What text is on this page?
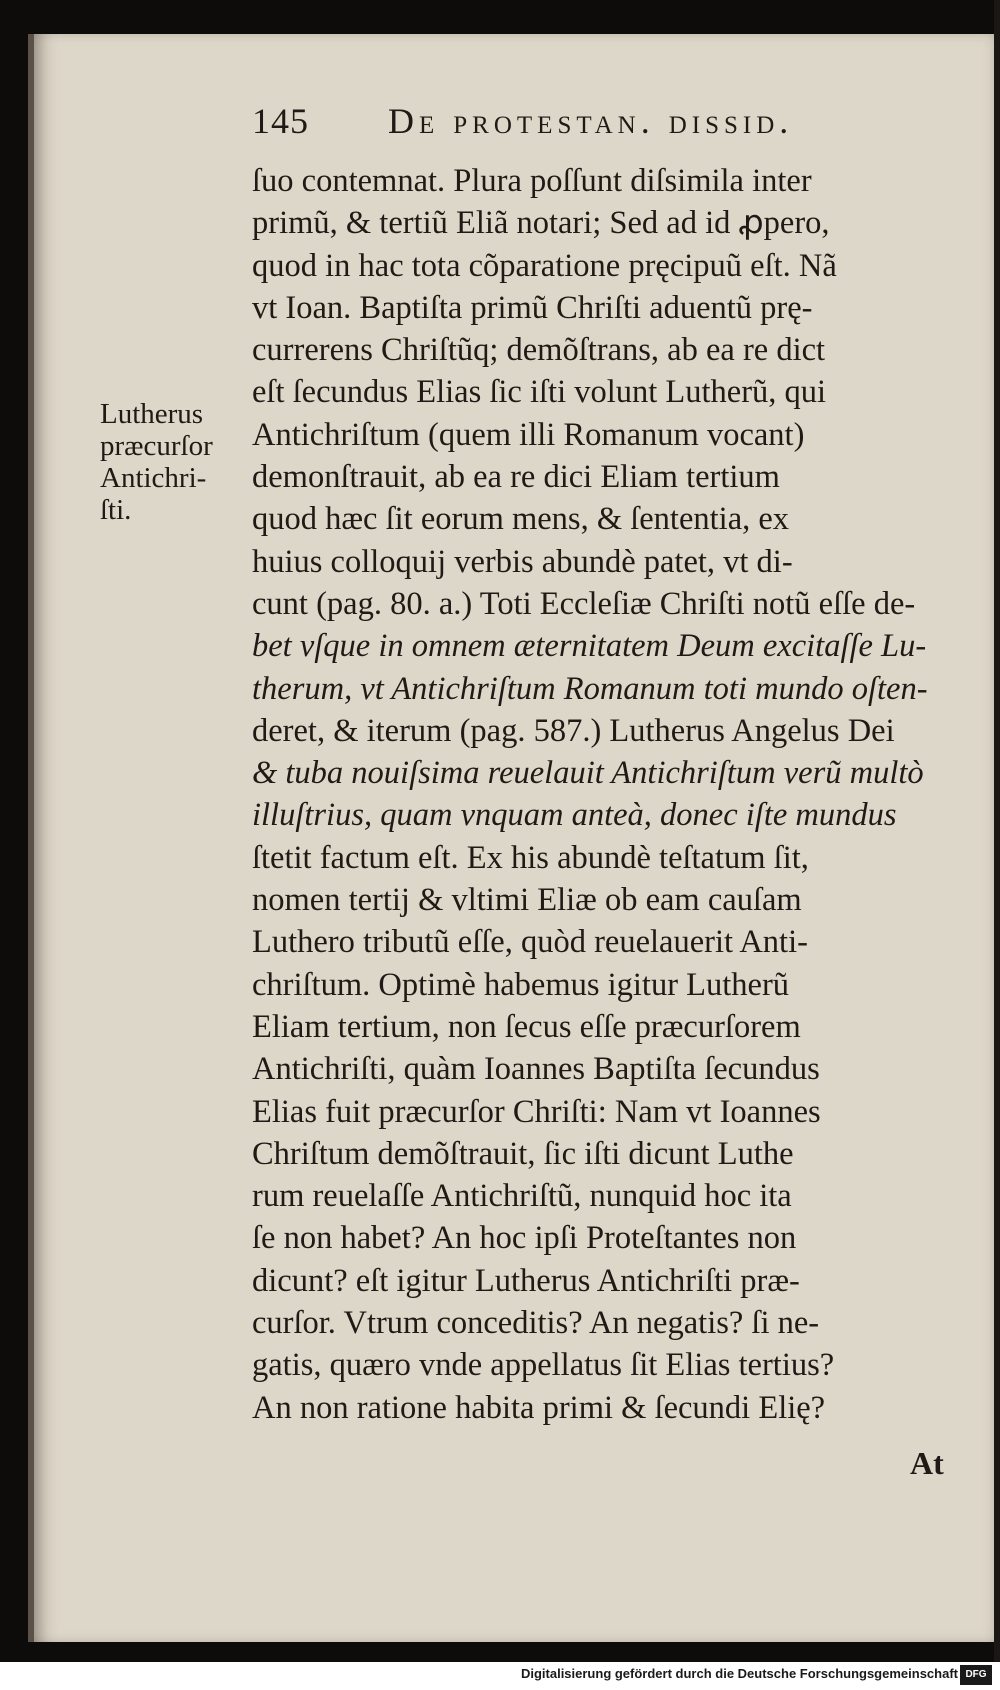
145 De protestan. dissid.
Lutherus
præcurſor
Antichri-
ſti.
ſuo contemnat. Plura poſſunt diſsimila inter
primũ, & tertiũ Eliã notari; Sed ad id ꝓpero,
quod in hac tota cõparatione pręcipuũ eſt. Nã
vt Ioan. Baptiſta primũ Chriſti aduentũ prę-
currerens Chriſtũq; demõſtrans, ab ea re dict
eſt ſecundus Elias ſic iſti volunt Lutherũ, qui
Antichriſtum (quem illi Romanum vocant)
demonſtrauit, ab ea re dici Eliam tertium
quod hæc ſit eorum mens, & ſententia, ex
huius colloquij verbis abundè patet, vt di-
cunt (pag. 80. a.) Toti Eccleſiæ Chriſti notũ eſſe de-
bet vſque in omnem æternitatem Deum excitaſſe Lu-
therum, vt Antichriſtum Romanum toti mundo oſten-
deret, & iterum (pag. 587.) Lutherus Angelus Dei
& tuba nouiſsima reuelauit Antichriſtum verũ multò
illuſtrius, quam vnquam anteà, donec iſte mundus
ſtetit factum eſt. Ex his abundè teſtatum ſit,
nomen tertij & vltimi Eliæ ob eam cauſam
Luthero tributũ eſſe, quòd reuelauerit Anti-
chriſtum. Optimè habemus igitur Lutherũ
Eliam tertium, non ſecus eſſe præcurſorem
Antichriſti, quàm Ioannes Baptiſta ſecundus
Elias fuit præcurſor Chriſti: Nam vt Ioannes
Chriſtum demõſtrauit, ſic iſti dicunt Luthe
rum reuelaſſe Antichriſtũ, nunquid hoc ita
ſe non habet? An hoc ipſi Proteſtantes non
dicunt? eſt igitur Lutherus Antichriſti præ-
curſor. Vtrum conceditis? An negatis? ſi ne-
gatis, quæro vnde appellatus ſit Elias tertius?
An non ratione habita primi & ſecundi Elię?
At
Digitalisierung gefördert durch die Deutsche Forschungsgemeinschaft DFG
